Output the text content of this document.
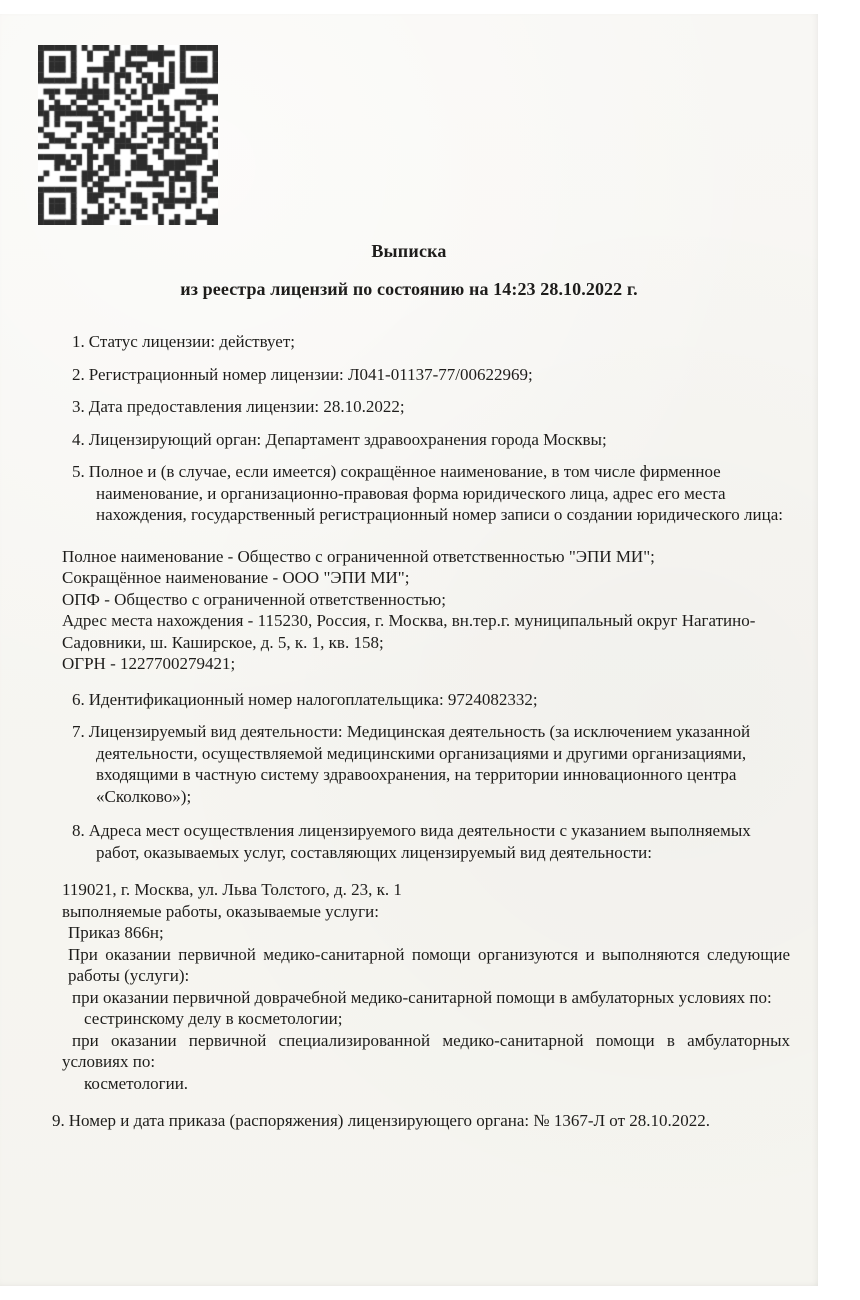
Выписка
из реестра лицензий по состоянию на 14:23 28.10.2022 г.

1. Статус лицензии: действует;

2. Регистрационный номер лицензии: Л041-01137-77/00622969;

3. Дата предоставления лицензии: 28.10.2022;

4. Лицензирующий орган: Департамент здравоохранения города Москвы;

5. Полное и (в случае, если имеется) сокращённое наименование, в том числе фирменное наименование, и организационно-правовая форма юридического лица, адрес его места нахождения, государственный регистрационный номер записи о создании юридического лица:

Полное наименование - Общество с ограниченной ответственностью "ЭПИ МИ";

Сокращённое наименование - ООО "ЭПИ МИ";

ОПФ - Общество с ограниченной ответственностью;

Адрес места нахождения - 115230, Россия, г. Москва, вн.тер.г. муниципальный округ Нагатино-Садовники, ш. Каширское, д. 5, к. 1, кв. 158;

ОГРН - 1227700279421;

6. Идентификационный номер налогоплательщика: 9724082332;

7. Лицензируемый вид деятельности: Медицинская деятельность (за исключением указанной деятельности, осуществляемой медицинскими организациями и другими организациями, входящими в частную систему здравоохранения, на территории инновационного центра «Сколково»);

8. Адреса мест осуществления лицензируемого вида деятельности с указанием выполняемых работ, оказываемых услуг, составляющих лицензируемый вид деятельности:

119021, г. Москва, ул. Льва Толстого, д. 23, к. 1

выполняемые работы, оказываемые услуги:

Приказ 866н;

При оказании первичной медико-санитарной помощи организуются и выполняются следующие работы (услуги):

при оказании первичной доврачебной медико-санитарной помощи в амбулаторных условиях по:

сестринскому делу в косметологии;

при оказании первичной специализированной медико-санитарной помощи в амбулаторных условиях по:

косметологии.

9. Номер и дата приказа (распоряжения) лицензирующего органа: № 1367-Л от 28.10.2022.
